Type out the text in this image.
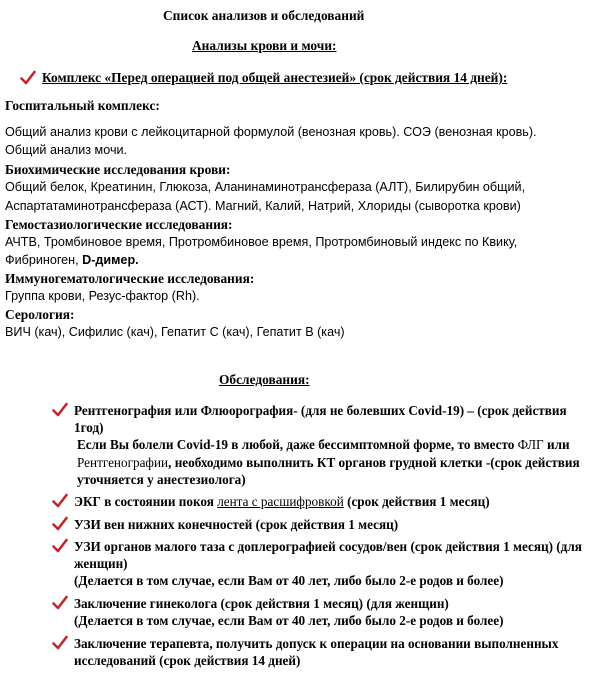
Список анализов и обследований
Анализы крови и мочи:
Комплекс «Перед операцией под общей анестезией» (срок действия 14 дней):
Госпитальный комплекс:
Общий анализ крови с лейкоцитарной формулой (венозная кровь). СОЭ (венозная кровь).
Общий анализ мочи.
Биохимические исследования крови:
Общий белок, Креатинин, Глюкоза, Аланинаминотрансфераза (АЛТ), Билирубин общий,
Аспартатаминотрансфераза (АСТ). Магний, Калий, Натрий, Хлориды (сыворотка крови)
Гемостазиологические исследования:
АЧТВ, Тромбиновое время, Протромбиновое время, Протромбиновый индекс по Квику,
Фибриноген, D-димер.
Иммуногематологические исследования:
Группа крови, Резус-фактор (Rh).
Серология:
ВИЧ (кач), Сифилис (кач), Гепатит С (кач), Гепатит В (кач)
Обследования:
Рентгенография или Флюорография- (для не болевших Covid-19) – (срок действия 1год)
Если Вы болели Covid-19 в любой, даже бессимптомной форме, то вместо ФЛГ или Рентгенографии, необходимо выполнить КТ органов грудной клетки -(срок действия уточняется у анестезиолога)
ЭКГ в состоянии покоя лента с расшифровкой (срок действия 1 месяц)
УЗИ вен нижних конечностей (срок действия 1 месяц)
УЗИ органов малого таза с доплерографией сосудов/вен (срок действия 1 месяц) (для женщин)
(Делается в том случае, если Вам от 40 лет, либо было 2-е родов и более)
Заключение гинеколога (срок действия 1 месяц) (для женщин)
(Делается в том случае, если Вам от 40 лет, либо было 2-е родов и более)
Заключение терапевта, получить допуск к операции на основании выполненных исследований (срок действия 14 дней)
